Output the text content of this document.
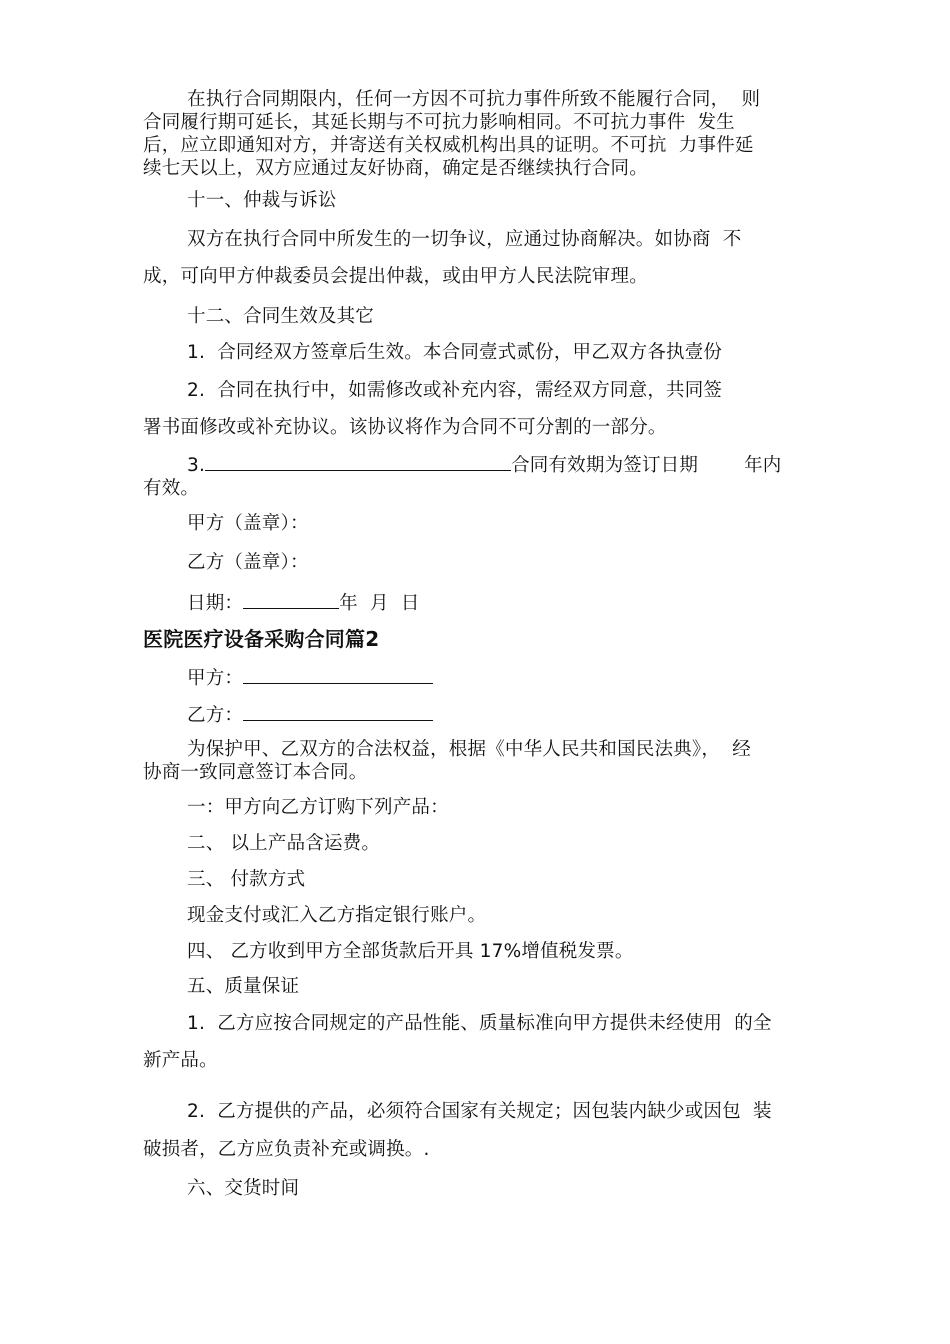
在执行合同期限内，任何一方因不可抗力事件所致不能履行合同，  则

合同履行期可延长，其延长期与不可抗力影响相同。不可抗力事件  发生

后，应立即通知对方，并寄送有关权威机构出具的证明。不可抗  力事件延

续七天以上，双方应通过友好协商，确定是否继续执行合同。

十一、仲裁与诉讼

双方在执行合同中所发生的一切争议，应通过协商解决。如协商  不

成，可向甲方仲裁委员会提出仲裁，或由甲方人民法院审理。

十二、合同生效及其它

1.  合同经双方签章后生效。本合同壹式贰份，甲乙双方各执壹份

2.  合同在执行中，如需修改或补充内容，需经双方同意，共同签

署书面修改或补充协议。该协议将作为合同不可分割的一部分。

3.	合同有效期为签订日期 年内

有效。

甲方（盖章）：

乙方（盖章）：

日期：	年  月  日

医院医疗设备采购合同篇2

甲方：

乙方：

为保护甲、乙双方的合法权益，根据《中华人民共和国民法典》，  经

协商一致同意签订本合同。

一：甲方向乙方订购下列产品：

二、 以上产品含运费。

三、 付款方式

现金支付或汇入乙方指定银行账户。

四、 乙方收到甲方全部货款后开具 17%增值税发票。

五、质量保证

1.  乙方应按合同规定的产品性能、质量标准向甲方提供未经使用  的全

新产品。

2.  乙方提供的产品，必须符合国家有关规定；因包装内缺少或因包  装

破损者，乙方应负责补充或调换。.

六、交货时间
